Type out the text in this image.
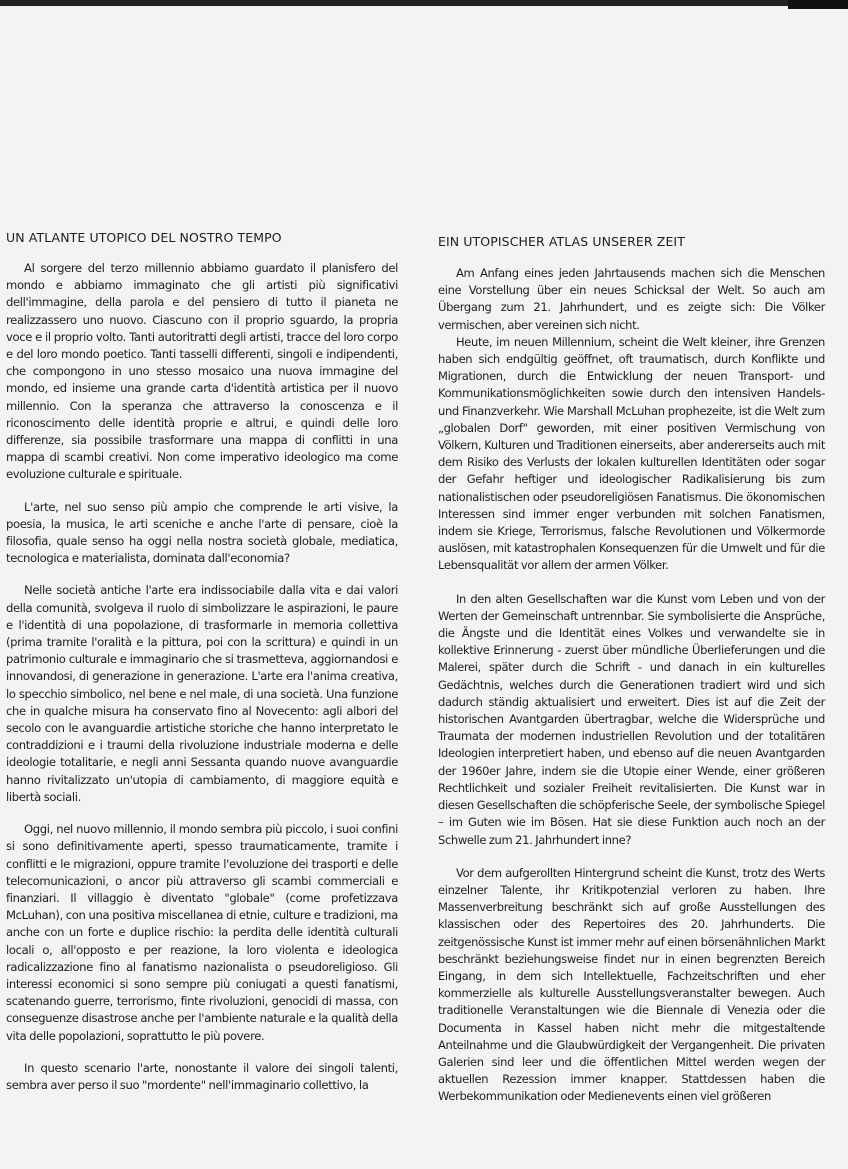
UN ATLANTE UTOPICO DEL NOSTRO TEMPO

Al sorgere del terzo millennio abbiamo guardato il planisfero del mondo e abbiamo immaginato che gli artisti più significativi dell'immagine, della parola e del pensiero di tutto il pianeta ne realizzassero uno nuovo. Ciascuno con il proprio sguardo, la propria voce e il proprio volto. Tanti autoritratti degli artisti, tracce del loro corpo e del loro mondo poetico. Tanti tasselli differenti, singoli e indipendenti, che compongono in uno stesso mosaico una nuova immagine del mondo, ed insieme una grande carta d'identità artistica per il nuovo millennio. Con la speranza che attraverso la conoscenza e il riconoscimento delle identità proprie e altrui, e quindi delle loro differenze, sia possibile trasformare una mappa di conflitti in una mappa di scambi creativi. Non come imperativo ideologico ma come evoluzione culturale e spirituale.

L'arte, nel suo senso più ampio che comprende le arti visive, la poesia, la musica, le arti sceniche e anche l'arte di pensare, cioè la filosofia, quale senso ha oggi nella nostra società globale, mediatica, tecnologica e materialista, dominata dall'economia?

Nelle società antiche l'arte era indissociabile dalla vita e dai valori della comunità, svolgeva il ruolo di simbolizzare le aspirazioni, le paure e l'identità di una popolazione, di trasformarle in memoria collettiva (prima tramite l'oralità e la pittura, poi con la scrittura) e quindi in un patrimonio culturale e immaginario che si trasmetteva, aggiornandosi e innovandosi, di generazione in generazione. L'arte era l'anima creativa, lo specchio simbolico, nel bene e nel male, di una società. Una funzione che in qualche misura ha conservato fino al Novecento: agli albori del secolo con le avanguardie artistiche storiche che hanno interpretato le contraddizioni e i traumi della rivoluzione industriale moderna e delle ideologie totalitarie, e negli anni Sessanta quando nuove avanguardie hanno rivitalizzato un'utopia di cambiamento, di maggiore equità e libertà sociali.

Oggi, nel nuovo millennio, il mondo sembra più piccolo, i suoi confini si sono definitivamente aperti, spesso traumaticamente, tramite i conflitti e le migrazioni, oppure tramite l'evoluzione dei trasporti e delle telecomunicazioni, o ancor più attraverso gli scambi commerciali e finanziari. Il villaggio è diventato "globale" (come profetizzava McLuhan), con una positiva miscellanea di etnie, culture e tradizioni, ma anche con un forte e duplice rischio: la perdita delle identità culturali locali o, all'opposto e per reazione, la loro violenta e ideologica radicalizzazione fino al fanatismo nazionalista o pseudoreligioso. Gli interessi economici si sono sempre più coniugati a questi fanatismi, scatenando guerre, terrorismo, finte rivoluzioni, genocidi di massa, con conseguenze disastrose anche per l'ambiente naturale e la qualità della vita delle popolazioni, soprattutto le più povere.

In questo scenario l'arte, nonostante il valore dei singoli talenti, sembra aver perso il suo "mordente" nell'immaginario collettivo, la

EIN UTOPISCHER ATLAS UNSERER ZEIT

Am Anfang eines jeden Jahrtausends machen sich die Menschen eine Vorstellung über ein neues Schicksal der Welt. So auch am Übergang zum 21. Jahrhundert, und es zeigte sich: Die Völker vermischen, aber vereinen sich nicht.

Heute, im neuen Millennium, scheint die Welt kleiner, ihre Grenzen haben sich endgültig geöffnet, oft traumatisch, durch Konflikte und Migrationen, durch die Entwicklung der neuen Transport- und Kommunikationsmöglichkeiten sowie durch den intensiven Handels- und Finanzverkehr. Wie Marshall McLuhan prophezeite, ist die Welt zum „globalen Dorf" geworden, mit einer positiven Vermischung von Völkern, Kulturen und Traditionen einerseits, aber andererseits auch mit dem Risiko des Verlusts der lokalen kulturellen Identitäten oder sogar der Gefahr heftiger und ideologischer Radikalisierung bis zum nationalistischen oder pseudoreligiösen Fanatismus. Die ökonomischen Interessen sind immer enger verbunden mit solchen Fanatismen, indem sie Kriege, Terrorismus, falsche Revolutionen und Völkermorde auslösen, mit katastrophalen Konsequenzen für die Umwelt und für die Lebensqualität vor allem der armen Völker.

In den alten Gesellschaften war die Kunst vom Leben und von der Werten der Gemeinschaft untrennbar. Sie symbolisierte die Ansprüche, die Ängste und die Identität eines Volkes und verwandelte sie in kollektive Erinnerung - zuerst über mündliche Überlieferungen und die Malerei, später durch die Schrift - und danach in ein kulturelles Gedächtnis, welches durch die Generationen tradiert wird und sich dadurch ständig aktualisiert und erweitert. Dies ist auf die Zeit der historischen Avantgarden übertragbar, welche die Widersprüche und Traumata der modernen industriellen Revolution und der totalitären Ideologien interpretiert haben, und ebenso auf die neuen Avantgarden der 1960er Jahre, indem sie die Utopie einer Wende, einer größeren Rechtlichkeit und sozialer Freiheit revitalisierten. Die Kunst war in diesen Gesellschaften die schöpferische Seele, der symbolische Spiegel – im Guten wie im Bösen. Hat sie diese Funktion auch noch an der Schwelle zum 21. Jahrhundert inne?

Vor dem aufgerollten Hintergrund scheint die Kunst, trotz des Werts einzelner Talente, ihr Kritikpotenzial verloren zu haben. Ihre Massenverbreitung beschränkt sich auf große Ausstellungen des klassischen oder des Repertoires des 20. Jahrhunderts. Die zeitgenössische Kunst ist immer mehr auf einen börsenähnlichen Markt beschränkt beziehungsweise findet nur in einen begrenzten Bereich Eingang, in dem sich Intellektuelle, Fachzeitschriften und eher kommerzielle als kulturelle Ausstellungsveranstalter bewegen. Auch traditionelle Veranstaltungen wie die Biennale di Venezia oder die Documenta in Kassel haben nicht mehr die mitgestaltende Anteilnahme und die Glaubwürdigkeit der Vergangenheit. Die privaten Galerien sind leer und die öffentlichen Mittel werden wegen der aktuellen Rezession immer knapper. Stattdessen haben die Werbekommunikation oder Medienevents einen viel größeren
